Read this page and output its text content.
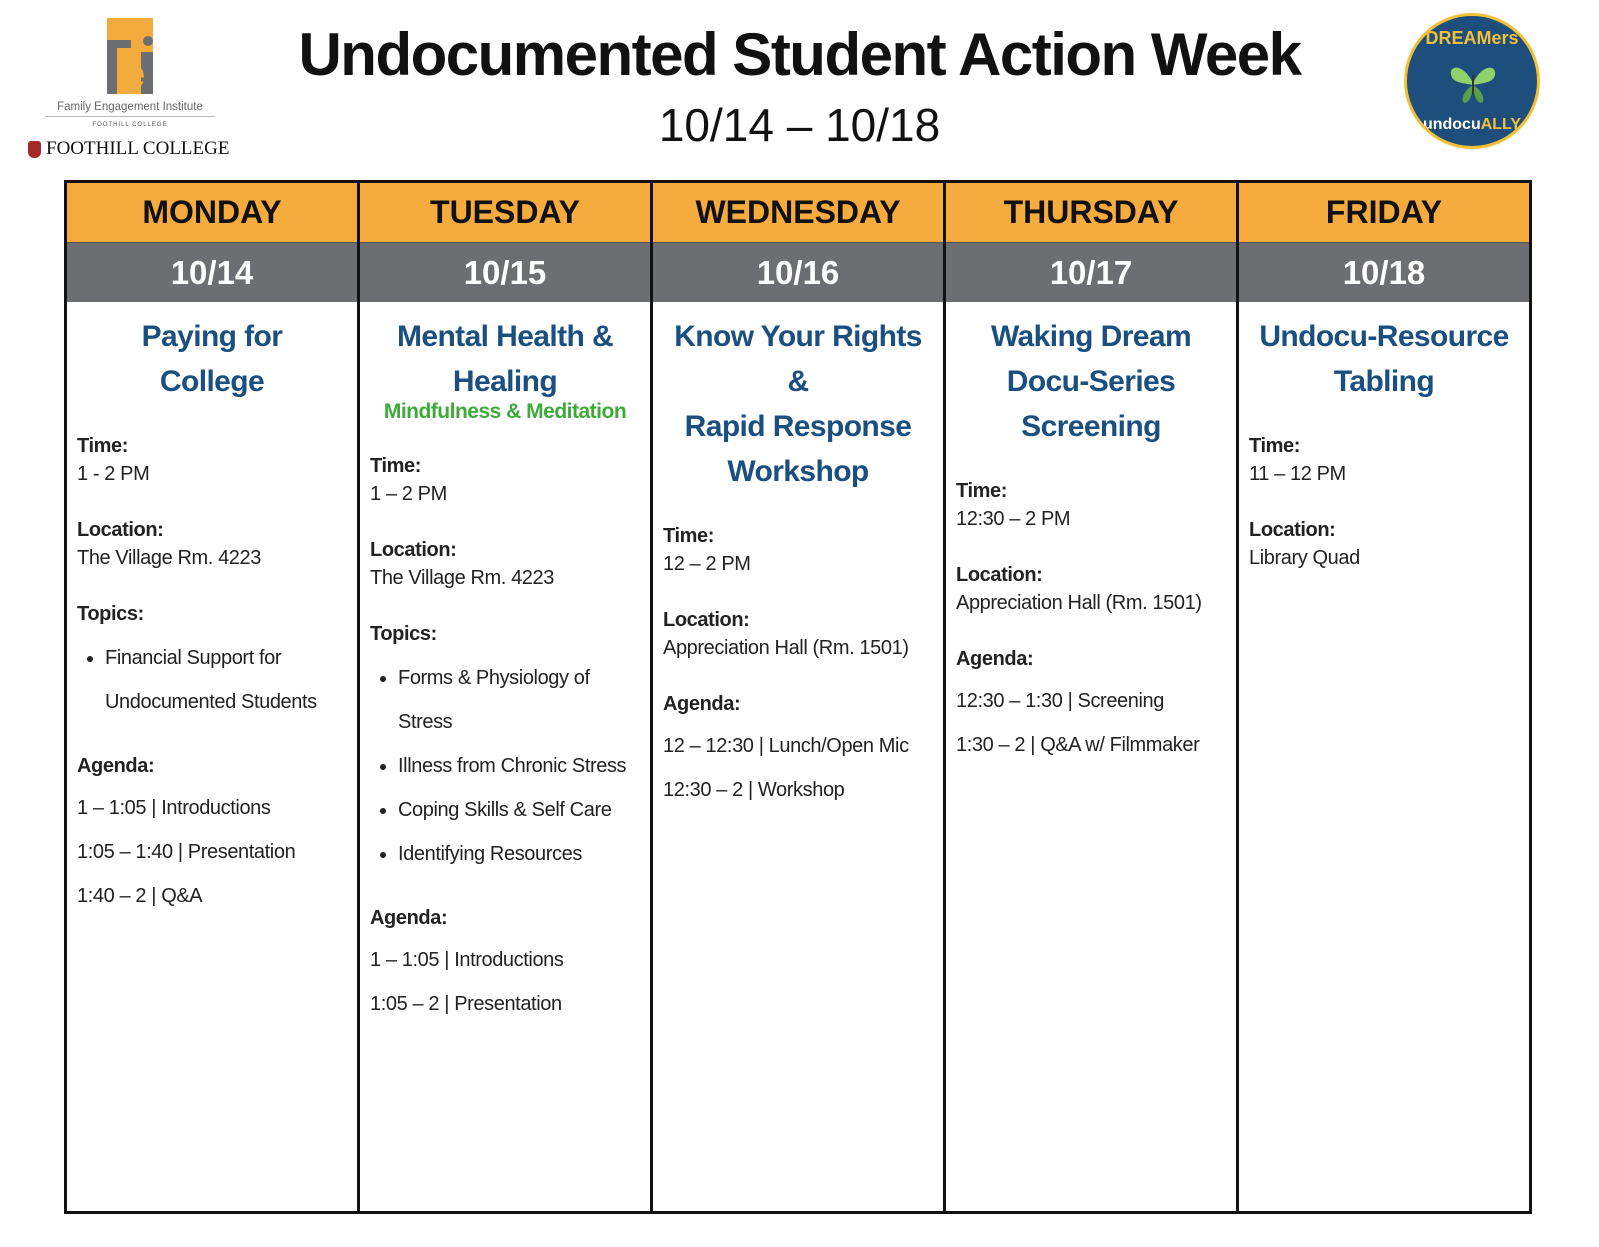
e
Family Engagement Institute
FOOTHILL COLLEGE
FOOTHILL COLLEGE
Undocumented Student Action Week
10/14 – 10/18
DREAMers
undocuALLY
MONDAY
10/14
Paying for
College
Time:
1 - 2 PM
Location:
The Village Rm. 4223
Topics:
• Financial Support for Undocumented Students
Agenda:
1 – 1:05 | Introductions
1:05 – 1:40 | Presentation
1:40 – 2 | Q&A
TUESDAY
10/15
Mental Health &
Healing
Mindfulness & Meditation
Time:
1 – 2 PM
Location:
The Village Rm. 4223
Topics:
• Forms & Physiology of Stress
• Illness from Chronic Stress
• Coping Skills & Self Care
• Identifying Resources
Agenda:
1 – 1:05 | Introductions
1:05 – 2 | Presentation
WEDNESDAY
10/16
Know Your Rights
&
Rapid Response
Workshop
Time:
12 – 2 PM
Location:
Appreciation Hall (Rm. 1501)
Agenda:
12 – 12:30 | Lunch/Open Mic
12:30 – 2 | Workshop
THURSDAY
10/17
Waking Dream
Docu-Series
Screening
Time:
12:30 – 2 PM
Location:
Appreciation Hall (Rm. 1501)
Agenda:
12:30 – 1:30 | Screening
1:30 – 2 | Q&A w/ Filmmaker
FRIDAY
10/18
Undocu-Resource
Tabling
Time:
11 – 12 PM
Location:
Library Quad
